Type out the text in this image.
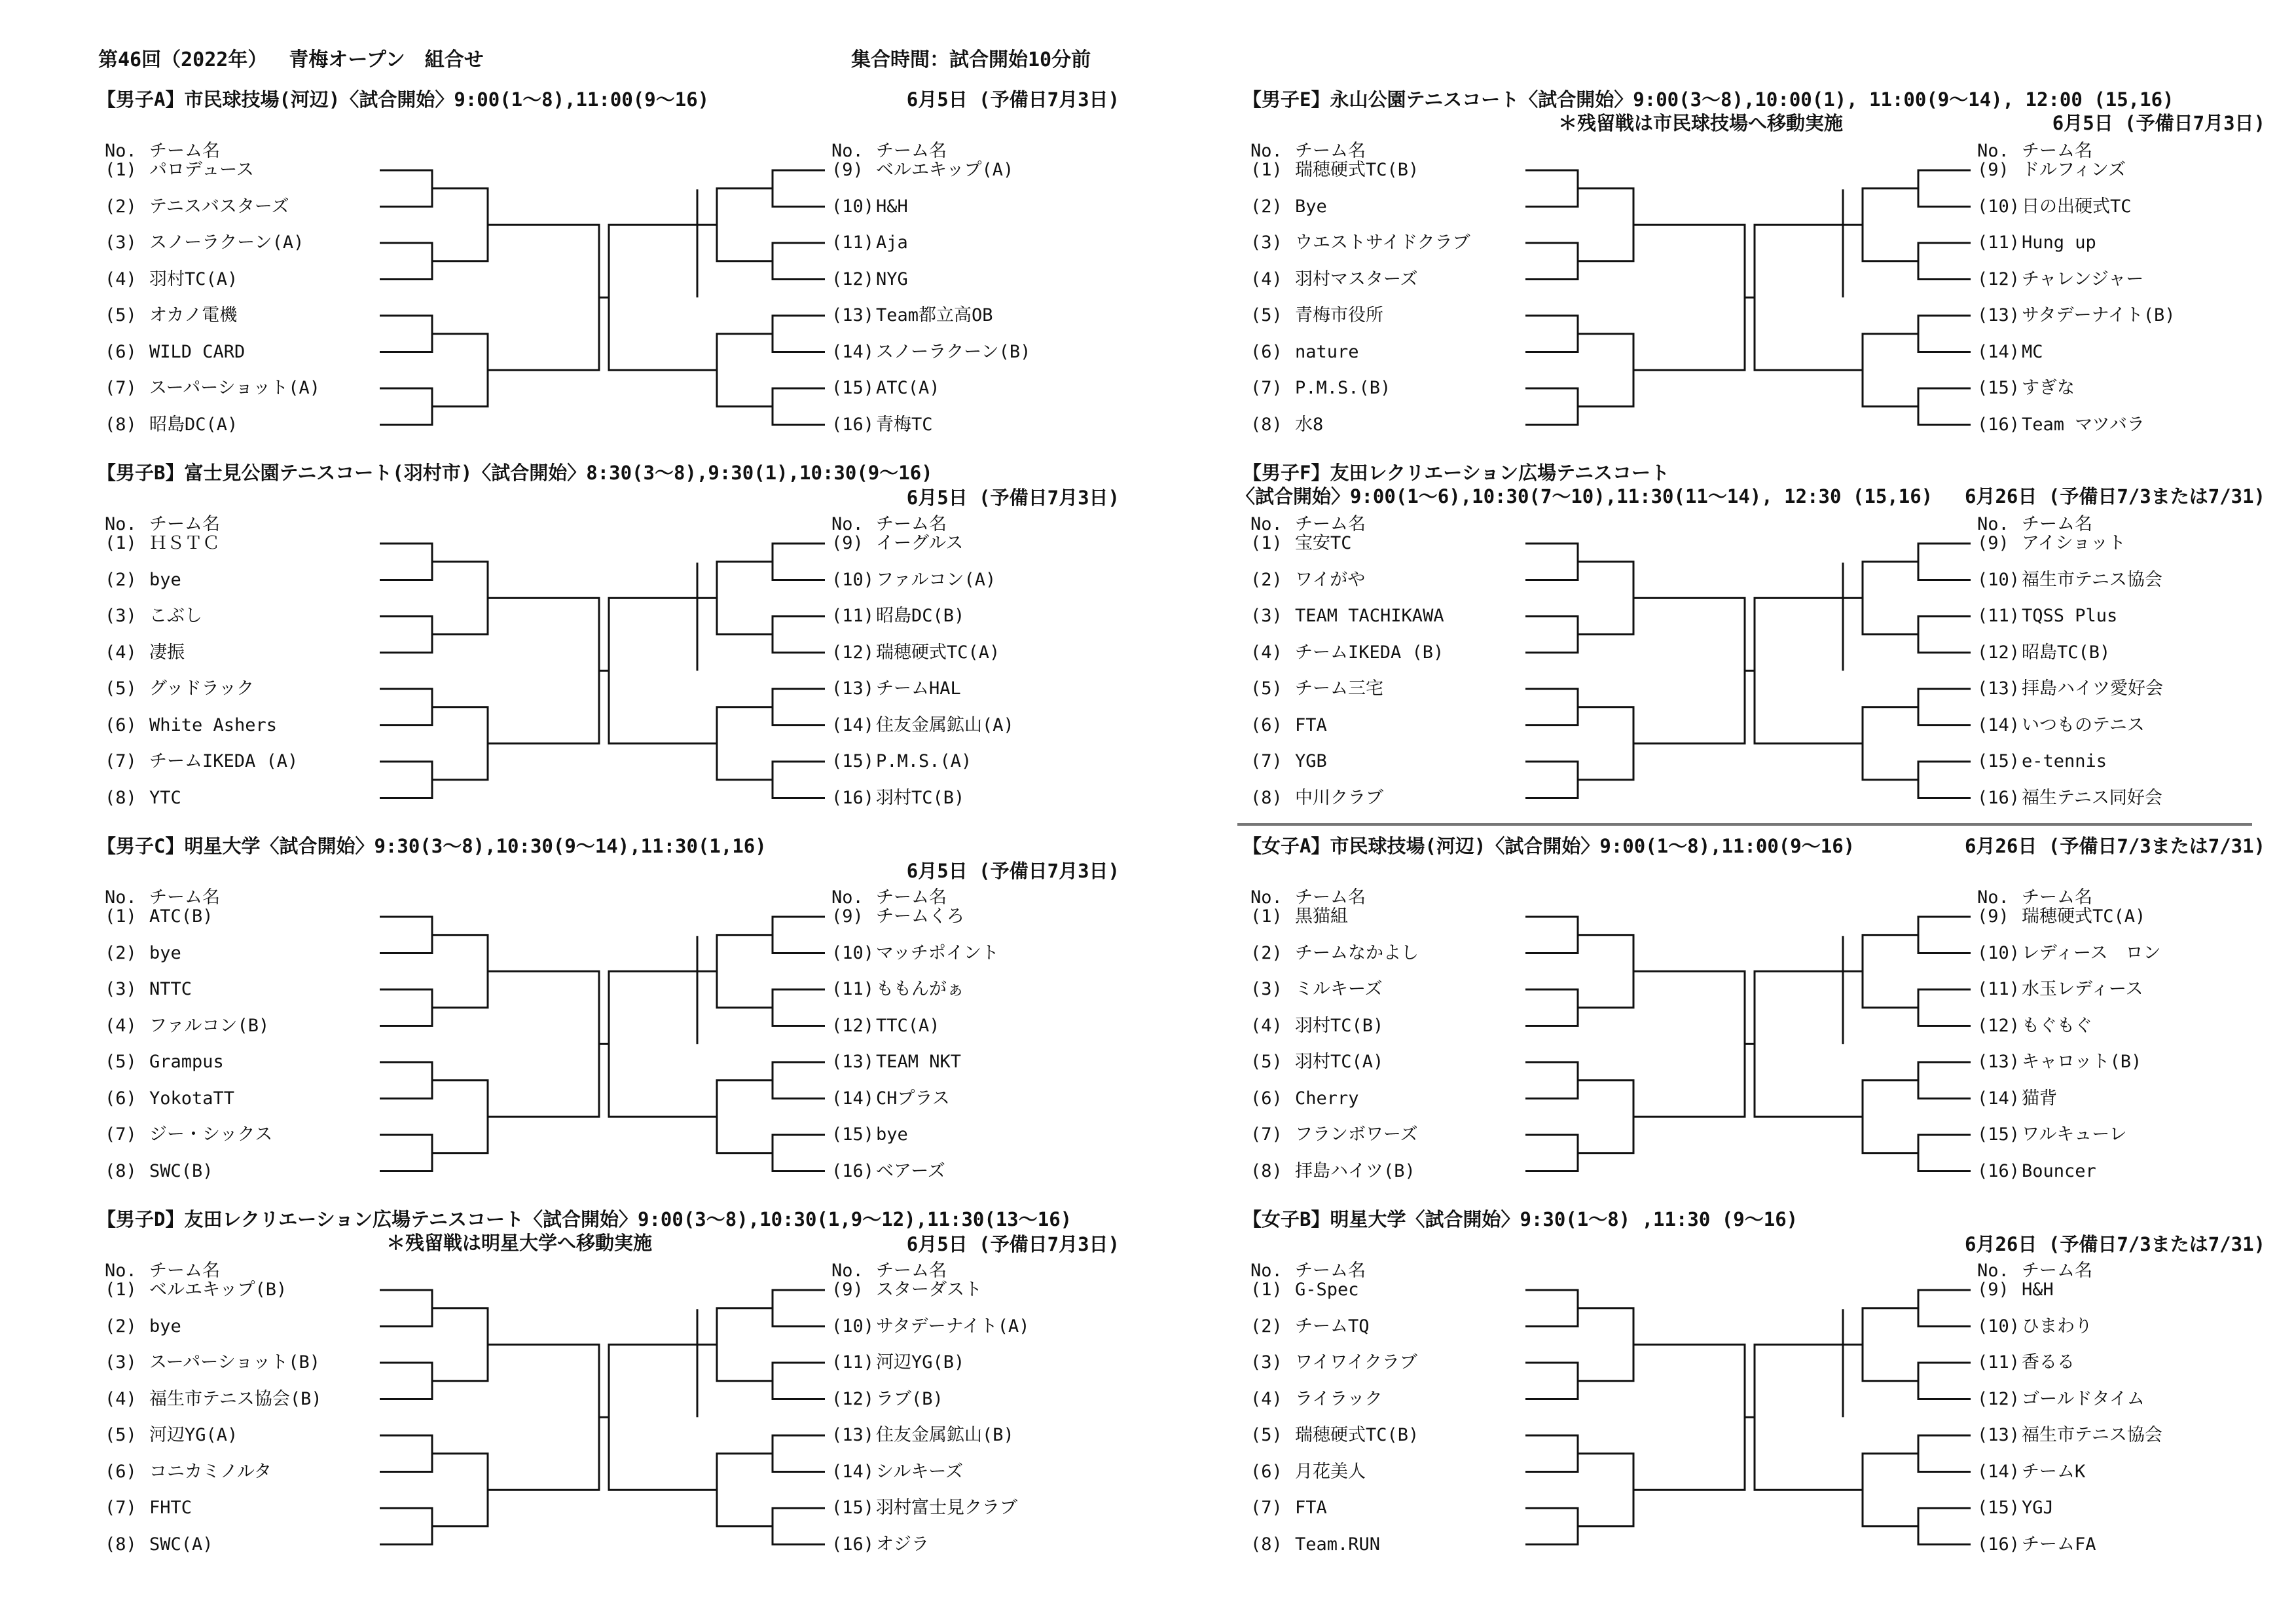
第46回（2022年）　 青梅オープン　組合せ	集合時間：試合開始10分前
【男子A】市民球技場(河辺)〈試合開始〉9:00(1～8),11:00(9～16)	6月5日 (予備日7月3日)
No. チーム名	No. チーム名
(1) パロデュース
(2) テニスバスターズ
(3) スノーラクーン(A)
(4) 羽村TC(A)
(5) オカノ電機
(6) WILD CARD
(7) スーパーショット(A)
(8) 昭島DC(A)
(9) ベルエキップ(A)
(10) H&H
(11) Aja
(12) NYG
(13) Team都立高OB
(14) スノーラクーン(B)
(15) ATC(A)
(16) 青梅TC
【男子B】富士見公園テニスコート(羽村市)〈試合開始〉8:30(3～8),9:30(1),10:30(9～16)
6月5日 (予備日7月3日)
No. チーム名	No. チーム名
(1) ＨＳＴＣ
(2) bye
(3) こぶし
(4) 凄振
(5) グッドラック
(6) White Ashers
(7) チームIKEDA (A)
(8) YTC
(9) イーグルス
(10) ファルコン(A)
(11) 昭島DC(B)
(12) 瑞穂硬式TC(A)
(13) チームHAL
(14) 住友金属鉱山(A)
(15) P.M.S.(A)
(16) 羽村TC(B)
【男子C】明星大学〈試合開始〉9:30(3～8),10:30(9～14),11:30(1,16)
6月5日 (予備日7月3日)
No. チーム名	No. チーム名
(1) ATC(B)
(2) bye
(3) NTTC
(4) ファルコン(B)
(5) Grampus
(6) YokotaTT
(7) ジー・シックス
(8) SWC(B)
(9) チームくろ
(10) マッチポイント
(11) ももんがぁ
(12) TTC(A)
(13) TEAM NKT
(14) CHプラス
(15) bye
(16) ベアーズ
【男子D】友田レクリエーション広場テニスコート〈試合開始〉9:00(3～8),10:30(1,9～12),11:30(13～16)
＊残留戦は明星大学へ移動実施	6月5日 (予備日7月3日)
No. チーム名	No. チーム名
(1) ベルエキップ(B)
(2) bye
(3) スーパーショット(B)
(4) 福生市テニス協会(B)
(5) 河辺YG(A)
(6) コニカミノルタ
(7) FHTC
(8) SWC(A)
(9) スターダスト
(10) サタデーナイト(A)
(11) 河辺YG(B)
(12) ラブ(B)
(13) 住友金属鉱山(B)
(14) シルキーズ
(15) 羽村富士見クラブ
(16) オジラ
【男子E】永山公園テニスコート〈試合開始〉9:00(3～8),10:00(1), 11:00(9～14), 12:00 (15,16)
＊残留戦は市民球技場へ移動実施	6月5日 (予備日7月3日)
No. チーム名	No. チーム名
(1) 瑞穂硬式TC(B)
(2) Bye
(3) ウエストサイドクラブ
(4) 羽村マスターズ
(5) 青梅市役所
(6) nature
(7) P.M.S.(B)
(8) 水8
(9) ドルフィンズ
(10) 日の出硬式TC
(11) Hung up
(12) チャレンジャー
(13) サタデーナイト(B)
(14) MC
(15) すぎな
(16) Team マツバラ
【男子F】友田レクリエーション広場テニスコート
〈試合開始〉9:00(1～6),10:30(7～10),11:30(11～14), 12:30 (15,16) 6月26日 (予備日7/3または7/31)
No. チーム名	No. チーム名
(1) 宝安TC
(2) ワイがや
(3) TEAM TACHIKAWA
(4) チームIKEDA (B)
(5) チーム三宅
(6) FTA
(7) YGB
(8) 中川クラブ
(9) アイショット
(10) 福生市テニス協会
(11) TQSS Plus
(12) 昭島TC(B)
(13) 拝島ハイツ愛好会
(14) いつものテニス
(15) e-tennis
(16) 福生テニス同好会
【女子A】市民球技場(河辺)〈試合開始〉9:00(1～8),11:00(9～16)	6月26日 (予備日7/3または7/31)
No. チーム名	No. チーム名
(1) 黒猫組
(2) チームなかよし
(3) ミルキーズ
(4) 羽村TC(B)
(5) 羽村TC(A)
(6) Cherry
(7) フランボワーズ
(8) 拝島ハイツ(B)
(9) 瑞穂硬式TC(A)
(10) レディース　ロン
(11) 水玉レディース
(12) もぐもぐ
(13) キャロット(B)
(14) 猫背
(15) ワルキューレ
(16) Bouncer
【女子B】明星大学〈試合開始〉9:30(1～8) ,11:30 (9～16)
6月26日 (予備日7/3または7/31)
No. チーム名	No. チーム名
(1) G-Spec
(2) チームTQ
(3) ワイワイクラブ
(4) ライラック
(5) 瑞穂硬式TC(B)
(6) 月花美人
(7) FTA
(8) Team.RUN
(9) H&H
(10) ひまわり
(11) 香るる
(12) ゴールドタイム
(13) 福生市テニス協会
(14) チームK
(15) YGJ
(16) チームFA
